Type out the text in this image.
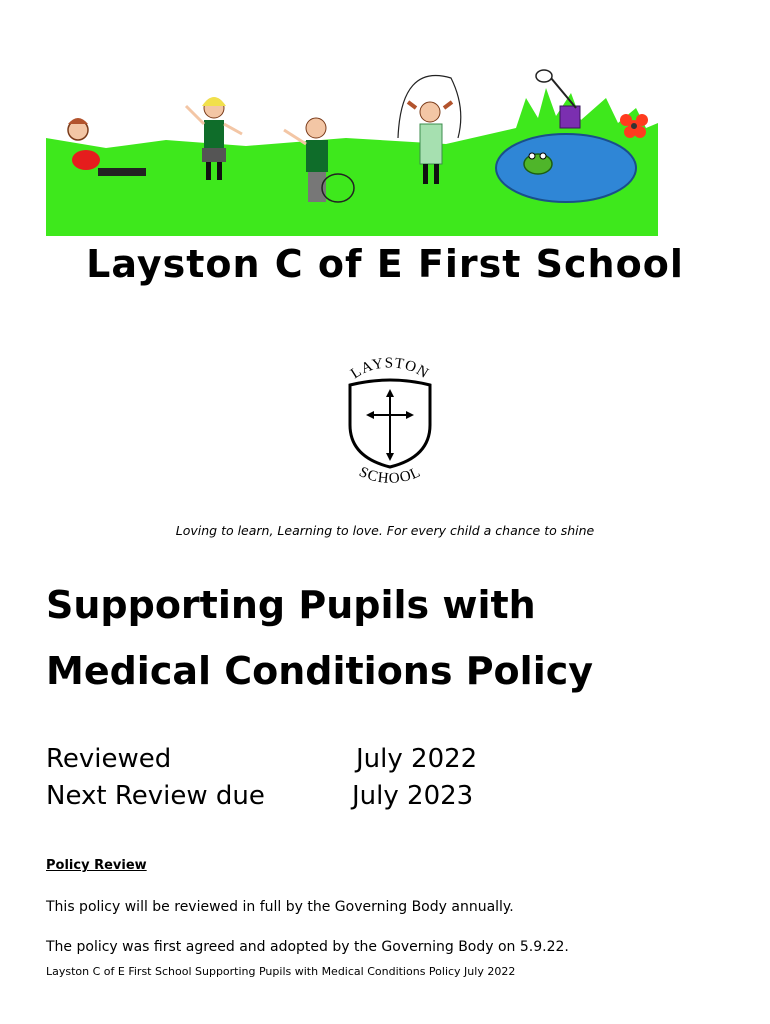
Layston C of E First School
LAYSTON
SCHOOL
Loving to learn, Learning to love. For every child a chance to shine
Supporting Pupils with
Medical Conditions Policy
Reviewed	July 2022
Next Review due	July 2023
Policy Review
This policy will be reviewed in full by the Governing Body annually.
The policy was first agreed and adopted by the Governing Body on 5.9.22.
Layston C of E First School Supporting Pupils with Medical Conditions Policy July 2022
